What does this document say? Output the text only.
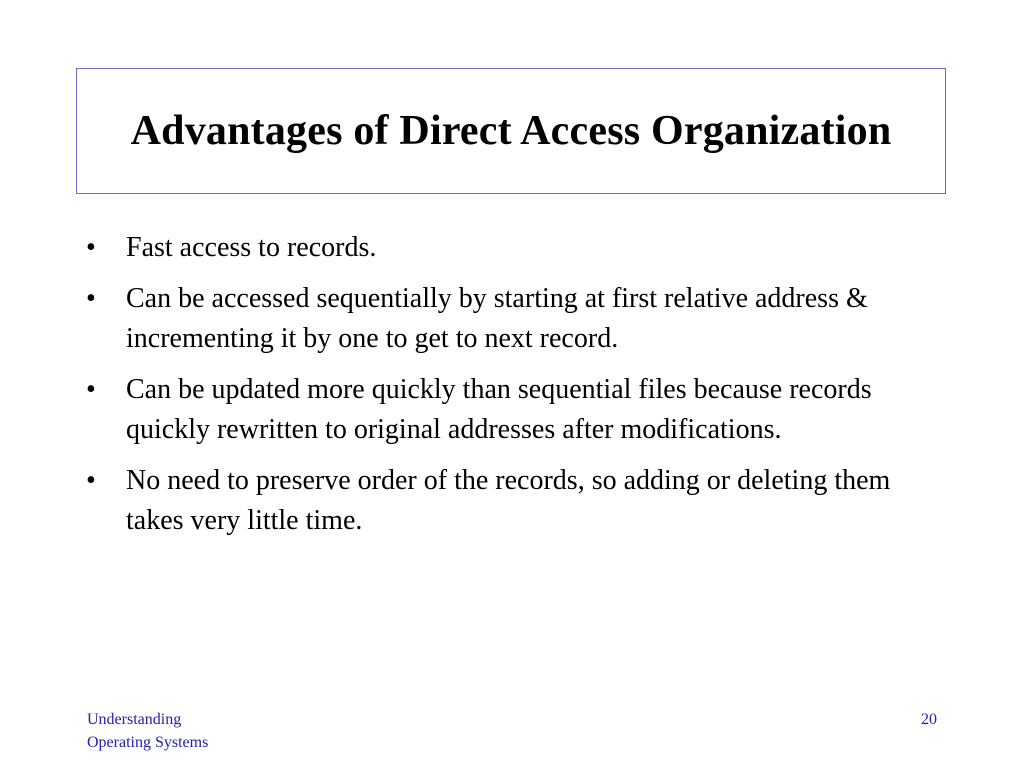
Advantages of Direct Access Organization
• Fast access to records.
• Can be accessed sequentially by starting at first relative address & incrementing it by one to get to next record.
• Can be updated more quickly than sequential files because records quickly rewritten to original addresses after modifications.
• No need to preserve order of the records, so adding or deleting them takes very little time.
Understanding
Operating Systems
20
